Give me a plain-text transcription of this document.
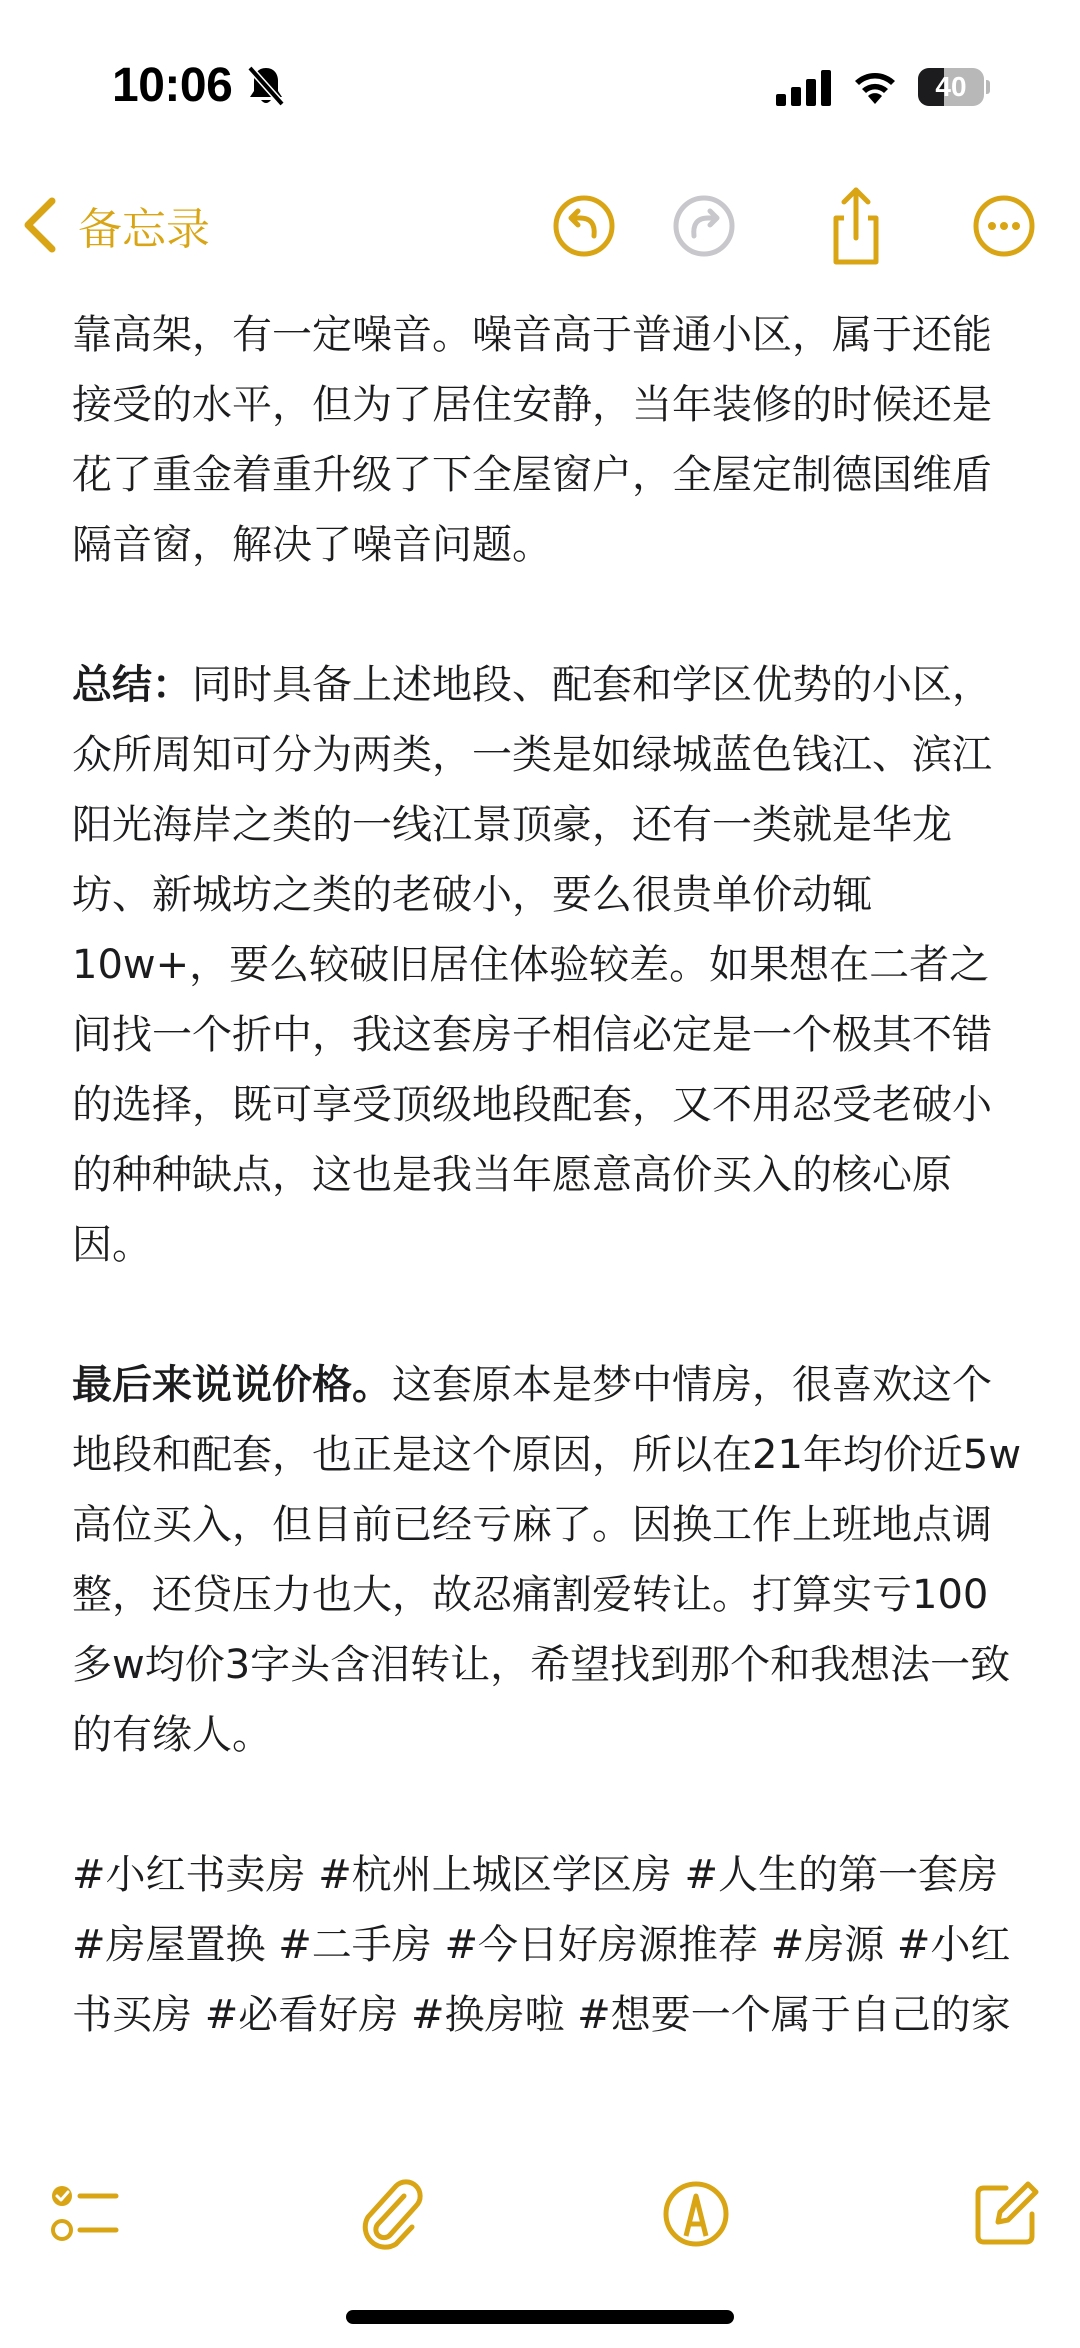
10:06	40
备忘录

靠高架，有一定噪音。噪音高于普通小区，属于还能接受的水平，但为了居住安静，当年装修的时候还是花了重金着重升级了下全屋窗户，全屋定制德国维盾隔音窗，解决了噪音问题。

总结：同时具备上述地段、配套和学区优势的小区，众所周知可分为两类，一类是如绿城蓝色钱江、滨江阳光海岸之类的一线江景顶豪，还有一类就是华龙坊、新城坊之类的老破小，要么很贵单价动辄10w+，要么较破旧居住体验较差。如果想在二者之间找一个折中，我这套房子相信必定是一个极其不错的选择，既可享受顶级地段配套，又不用忍受老破小的种种缺点，这也是我当年愿意高价买入的核心原因。

最后来说说价格。这套原本是梦中情房，很喜欢这个地段和配套，也正是这个原因，所以在21年均价近5w高位买入，但目前已经亏麻了。因换工作上班地点调整，还贷压力也大，故忍痛割爱转让。打算实亏100多w均价3字头含泪转让，希望找到那个和我想法一致的有缘人。

#小红书卖房 #杭州上城区学区房 #人生的第一套房 #房屋置换 #二手房 #今日好房源推荐 #房源 #小红书买房 #必看好房 #换房啦 #想要一个属于自己的家
